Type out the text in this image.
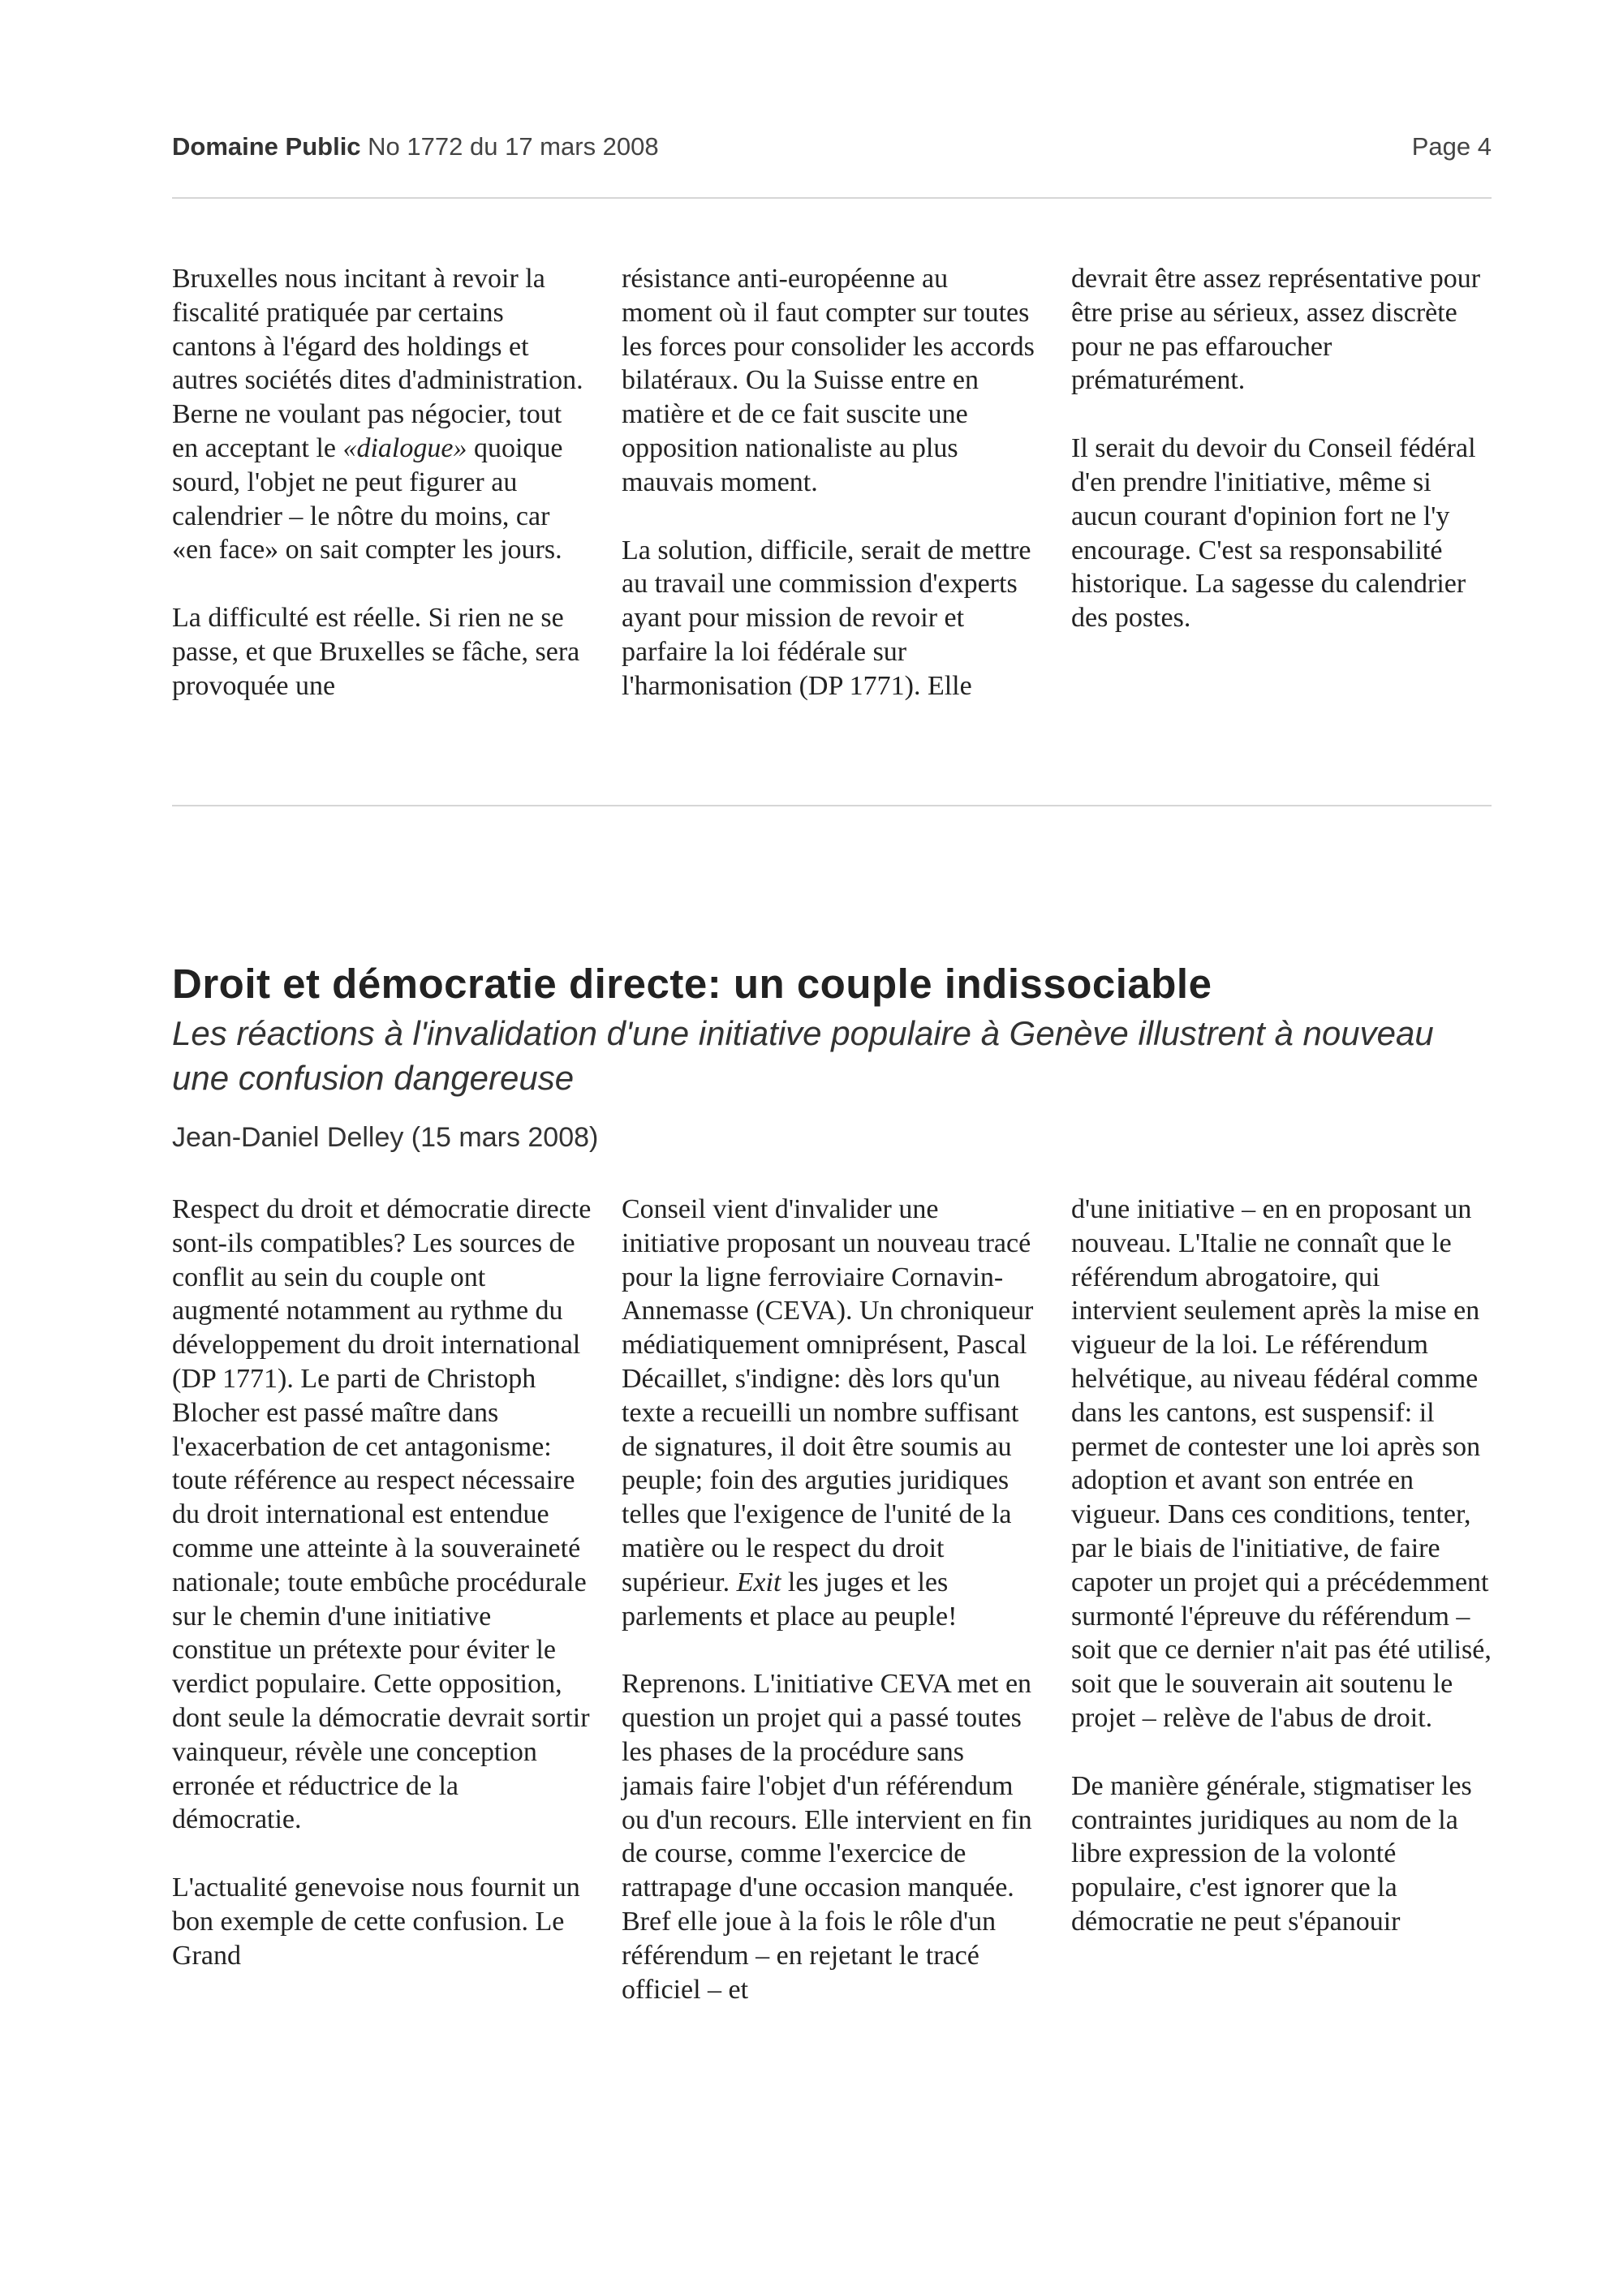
Domaine Public No 1772 du 17 mars 2008	Page 4

Bruxelles nous incitant à revoir la fiscalité pratiquée par certains cantons à l'égard des holdings et autres sociétés dites d'administration. Berne ne voulant pas négocier, tout en acceptant le «dialogue» quoique sourd, l'objet ne peut figurer au calendrier – le nôtre du moins, car «en face» on sait compter les jours.

La difficulté est réelle. Si rien ne se passe, et que Bruxelles se fâche, sera provoquée une

résistance anti-européenne au moment où il faut compter sur toutes les forces pour consolider les accords bilatéraux. Ou la Suisse entre en matière et de ce fait suscite une opposition nationaliste au plus mauvais moment.

La solution, difficile, serait de mettre au travail une commission d'experts ayant pour mission de revoir et parfaire la loi fédérale sur l'harmonisation (DP 1771). Elle

devrait être assez représentative pour être prise au sérieux, assez discrète pour ne pas effaroucher prématurément.

Il serait du devoir du Conseil fédéral d'en prendre l'initiative, même si aucun courant d'opinion fort ne l'y encourage. C'est sa responsabilité historique. La sagesse du calendrier des postes.

Droit et démocratie directe: un couple indissociable
Les réactions à l'invalidation d'une initiative populaire à Genève illustrent à nouveau une confusion dangereuse
Jean-Daniel Delley (15 mars 2008)

Respect du droit et démocratie directe sont-ils compatibles? Les sources de conflit au sein du couple ont augmenté notamment au rythme du développement du droit international (DP 1771). Le parti de Christoph Blocher est passé maître dans l'exacerbation de cet antagonisme: toute référence au respect nécessaire du droit international est entendue comme une atteinte à la souveraineté nationale; toute embûche procédurale sur le chemin d'une initiative constitue un prétexte pour éviter le verdict populaire. Cette opposition, dont seule la démocratie devrait sortir vainqueur, révèle une conception erronée et réductrice de la démocratie.

L'actualité genevoise nous fournit un bon exemple de cette confusion. Le Grand

Conseil vient d'invalider une initiative proposant un nouveau tracé pour la ligne ferroviaire Cornavin-Annemasse (CEVA). Un chroniqueur médiatiquement omniprésent, Pascal Décaillet, s'indigne: dès lors qu'un texte a recueilli un nombre suffisant de signatures, il doit être soumis au peuple; foin des arguties juridiques telles que l'exigence de l'unité de la matière ou le respect du droit supérieur. Exit les juges et les parlements et place au peuple!

Reprenons. L'initiative CEVA met en question un projet qui a passé toutes les phases de la procédure sans jamais faire l'objet d'un référendum ou d'un recours. Elle intervient en fin de course, comme l'exercice de rattrapage d'une occasion manquée. Bref elle joue à la fois le rôle d'un référendum – en rejetant le tracé officiel – et

d'une initiative – en en proposant un nouveau. L'Italie ne connaît que le référendum abrogatoire, qui intervient seulement après la mise en vigueur de la loi. Le référendum helvétique, au niveau fédéral comme dans les cantons, est suspensif: il permet de contester une loi après son adoption et avant son entrée en vigueur. Dans ces conditions, tenter, par le biais de l'initiative, de faire capoter un projet qui a précédemment surmonté l'épreuve du référendum – soit que ce dernier n'ait pas été utilisé, soit que le souverain ait soutenu le projet – relève de l'abus de droit.

De manière générale, stigmatiser les contraintes juridiques au nom de la libre expression de la volonté populaire, c'est ignorer que la démocratie ne peut s'épanouir
